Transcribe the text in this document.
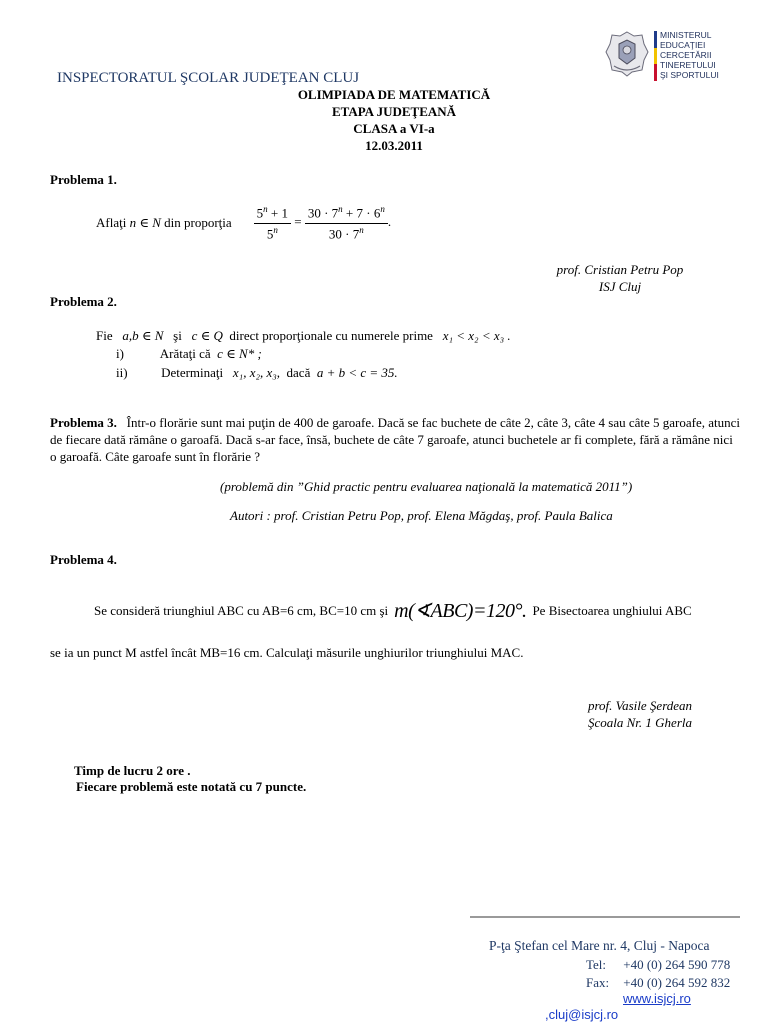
MINISTERUL
EDUCAŢIEI
CERCETĂRII
TINERETULUI
ŞI SPORTULUI
INSPECTORATUL ŞCOLAR JUDEŢEAN CLUJ
OLIMPIADA DE MATEMATICĂ
ETAPA JUDEŢEANĂ
CLASA a VI-a
12.03.2011
Problema 1.
Aflaţi
n ∈ N
din proporţia $\frac{5^n + 1}{5^n} = \frac{30 \cdot 7^n + 7 \cdot 6^n}{30 \cdot 7^n}$ .
prof. Cristian Petru Pop
ISJ Cluj
Problema 2.
Fie a,b ∈ N şi c ∈ Q direct proporţionale cu numerele prime x₁ < x₂ < x₃ .
i)	Arătaţi că c ∈ N* ;
ii)	Determinaţi x₁, x₂, x₃, dacă a + b < c = 35.
Problema 3. Într-o florărie sunt mai puţin de 400 de garoafe. Dacă se fac buchete de câte 2, câte 3, câte 4 sau câte 5 garoafe, atunci de fiecare dată rămâne o garoafă. Dacă s-ar face, însă, buchete de câte 7 garoafe, atunci buchetele ar fi complete, fără a rămâne nici o garoafă. Câte garoafe sunt în florărie ?
(problemă din ”Ghid practic pentru evaluarea naţională la matematică 2011”)
Autori : prof. Cristian Petru Pop, prof. Elena Măgdaş, prof. Paula Balica
Problema 4.
Se consideră triunghiul ABC cu AB=6 cm, BC=10 cm şi m(∢ABC)=120°. Pe Bisectoarea unghiului ABC
se ia un punct M astfel încât MB=16 cm. Calculaţi măsurile unghiurilor triunghiului MAC.
prof. Vasile Şerdean
Şcoala Nr. 1 Gherla
Timp de lucru 2 ore .
Fiecare problemă este notată cu 7 puncte.
P-ţa Ştefan cel Mare nr. 4, Cluj - Napoca
Tel: +40 (0) 264 590 778
Fax: +40 (0) 264 592 832
www.isjcj.ro
,cluj@isjcj.ro
